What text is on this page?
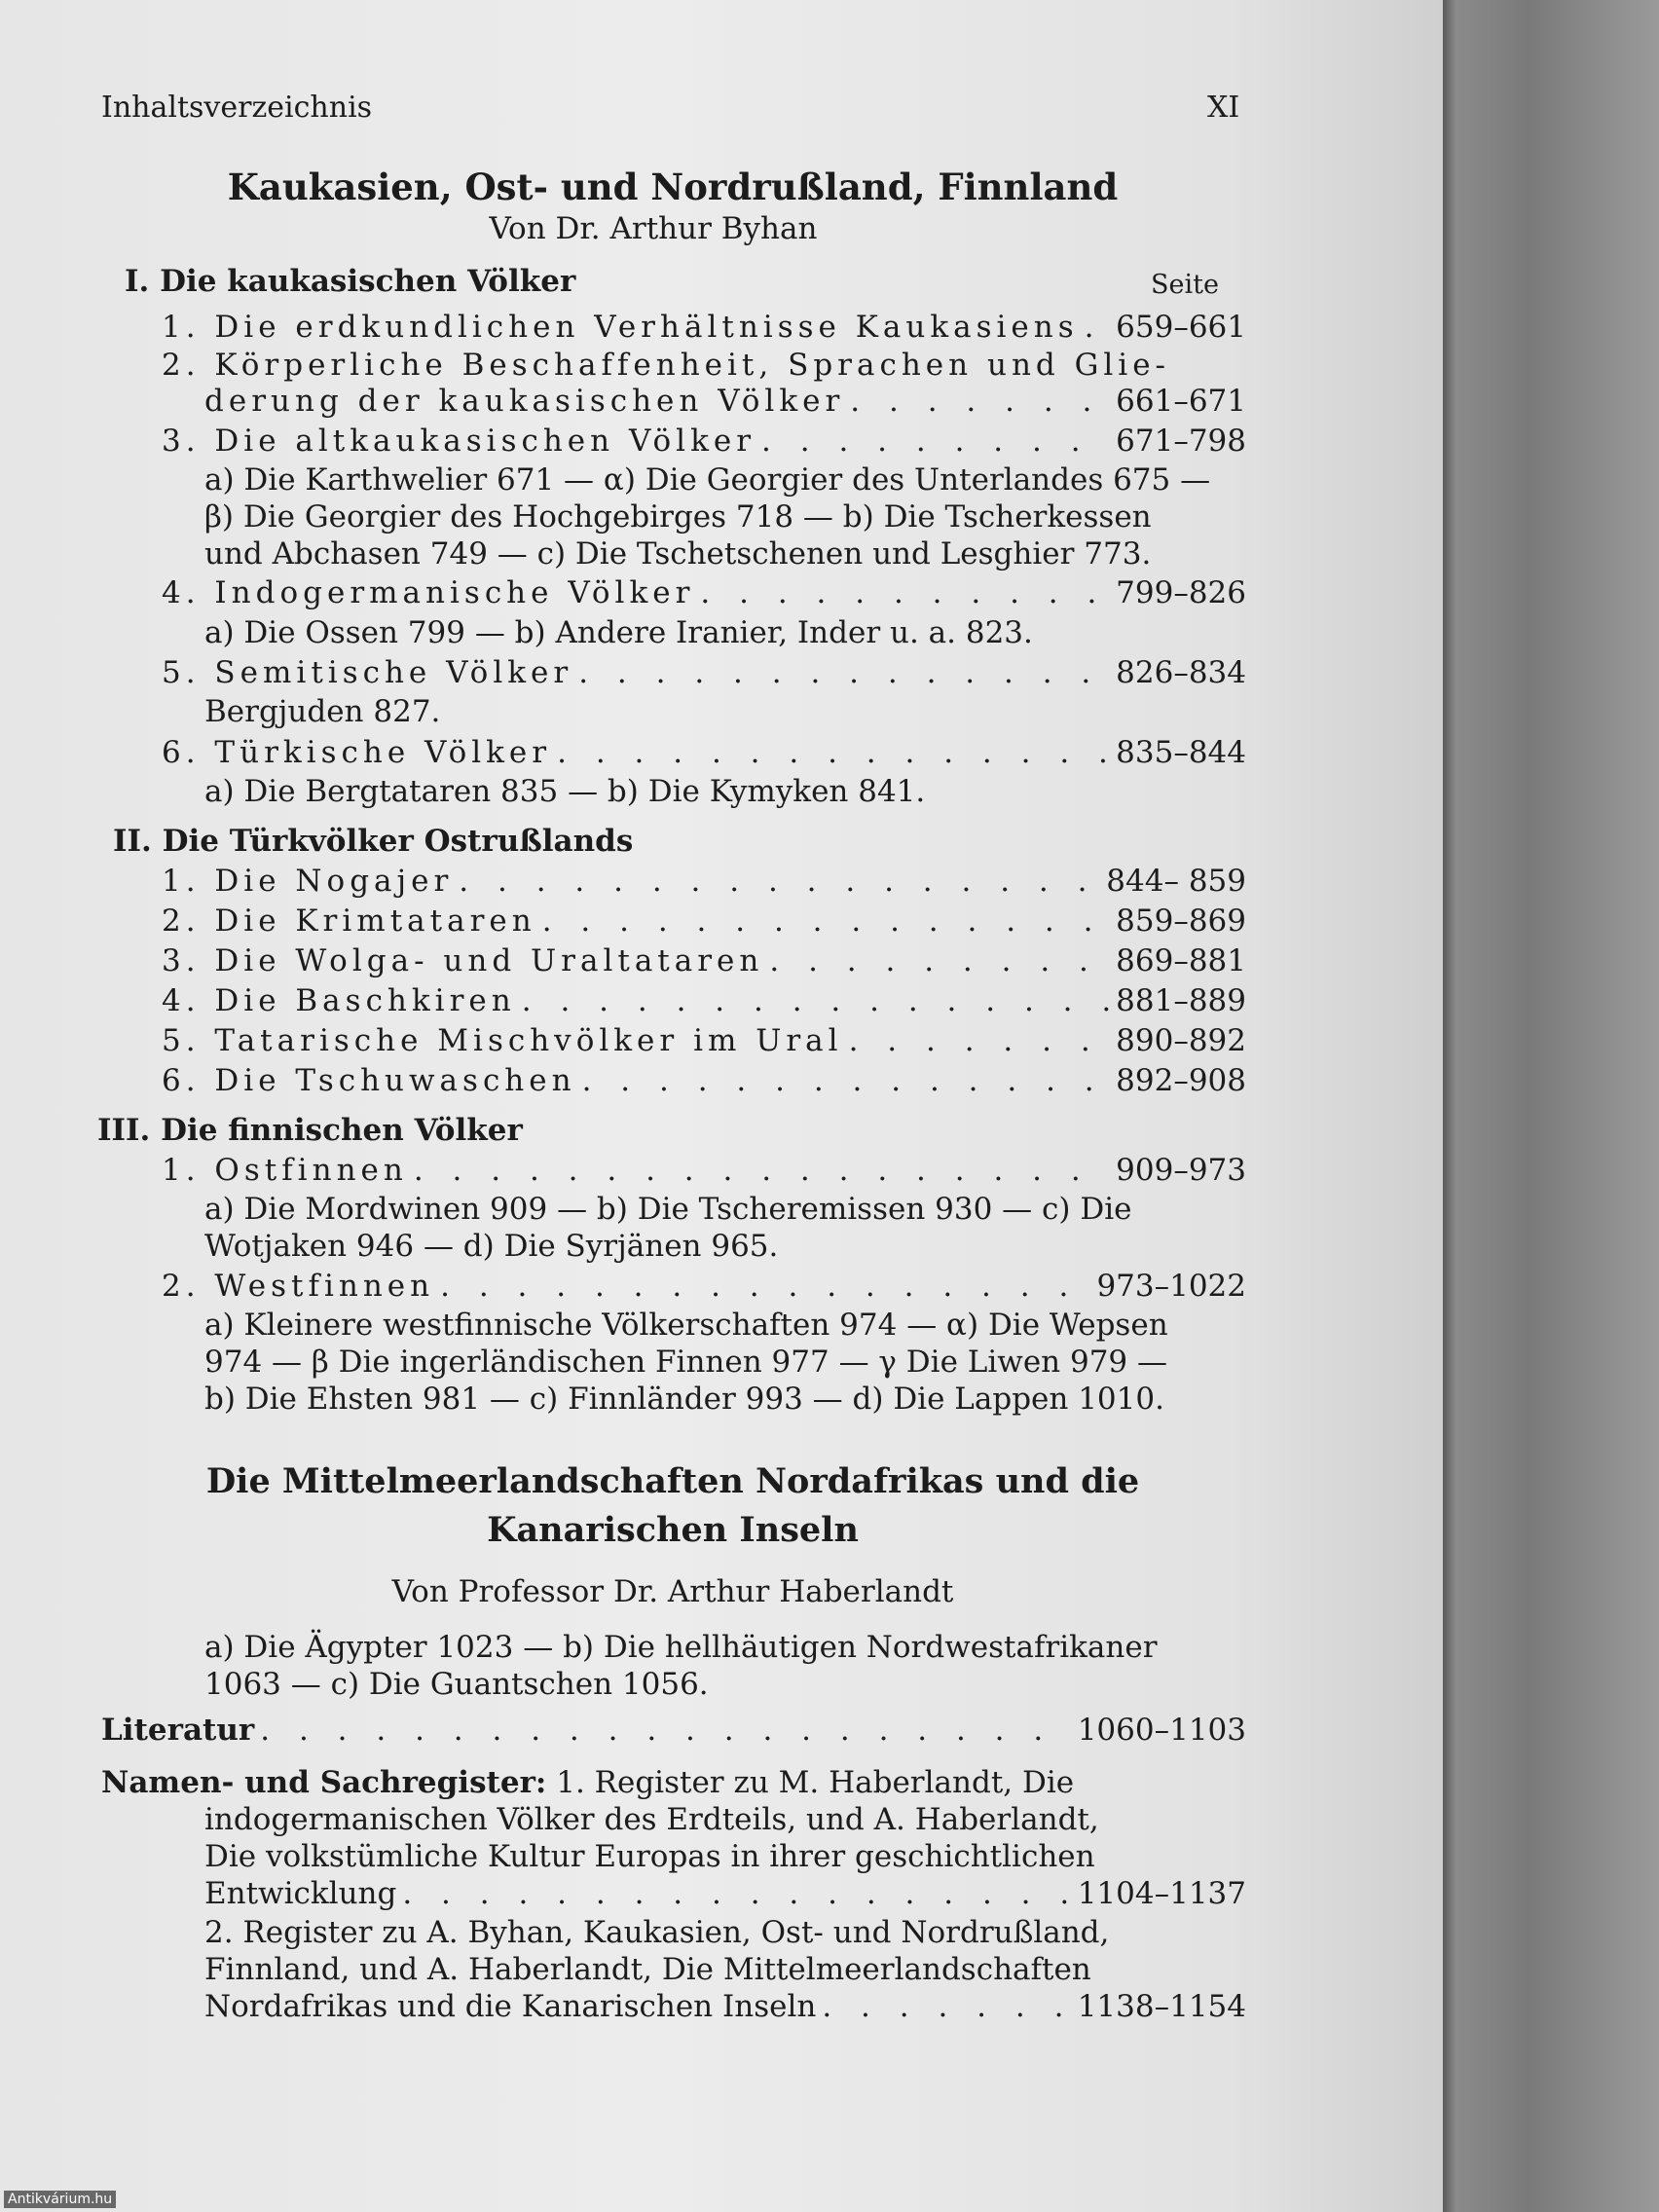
Inhaltsverzeichnis	XI
Kaukasien, Ost- und Nordrußland, Finnland
Von Dr. Arthur Byhan
I. Die kaukasischen Völker	Seite
1. Die erdkundlichen Verhältnisse Kaukasiens . . . 659–661
2. Körperliche Beschaffenheit, Sprachen und Glie-
derung der kaukasischen Völker . . .	661–671
3. Die altkaukasischen Völker . . .	671–798
a) Die Karthwelier 671 — α) Die Georgier des Unterlandes 675 —
β) Die Georgier des Hochgebirges 718 — b) Die Tscherkessen
und Abchasen 749 — c) Die Tschetschenen und Lesghier 773.
4. Indogermanische Völker . . .	799–826
a) Die Ossen 799 — b) Andere Iranier, Inder u. a. 823.
5. Semitische Völker . . .	826–834
Bergjuden 827.
6. Türkische Völker . . .	835–844
a) Die Bergtataren 835 — b) Die Kymyken 841.
II. Die Türkvölker Ostrußlands
1. Die Nogajer . . .	844– 859
2. Die Krimtataren . . .	859–869
3. Die Wolga- und Uraltataren . . .	869–881
4. Die Baschkiren . . .	881–889
5. Tatarische Mischvölker im Ural . . .	890–892
6. Die Tschuwaschen . . .	892–908
III. Die finnischen Völker
1. Ostfinnen . . .	909–973
a) Die Mordwinen 909 — b) Die Tscheremissen 930 — c) Die
Wotjaken 946 — d) Die Syrjänen 965.
2. Westfinnen . . .	973–1022
a) Kleinere westfinnische Völkerschaften 974 — α) Die Wepsen
974 — β Die ingerländischen Finnen 977 — γ Die Liwen 979 —
b) Die Ehsten 981 — c) Finnländer 993 — d) Die Lappen 1010.
Die Mittelmeerlandschaften Nordafrikas und die
Kanarischen Inseln
Von Professor Dr. Arthur Haberlandt
a) Die Ägypter 1023 — b) Die hellhäutigen Nordwestafrikaner
1063 — c) Die Guantschen 1056.
Literatur . . .	1060–1103
Namen- und Sachregister: 1. Register zu M. Haberlandt, Die
indogermanischen Völker des Erdteils, und A. Haberlandt,
Die volkstümliche Kultur Europas in ihrer geschichtlichen
Entwicklung . . .	1104–1137
2. Register zu A. Byhan, Kaukasien, Ost- und Nordrußland,
Finnland, und A. Haberlandt, Die Mittelmeerlandschaften
Nordafrikas und die Kanarischen Inseln . . .	1138–1154
Antikvárium.hu
